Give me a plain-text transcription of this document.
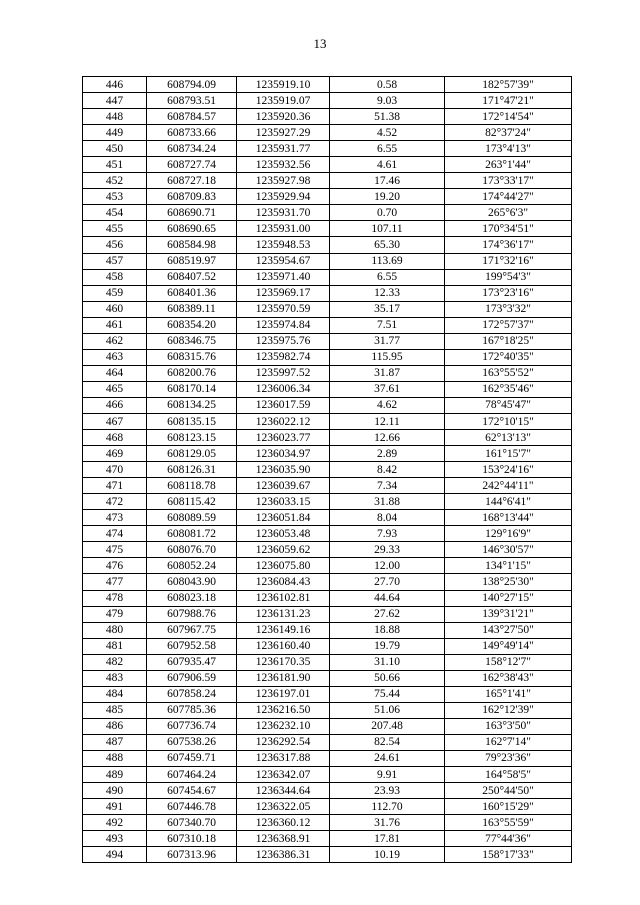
13
446	608794.09	1235919.10	0.58	182°57'39"
447	608793.51	1235919.07	9.03	171°47'21"
448	608784.57	1235920.36	51.38	172°14'54"
449	608733.66	1235927.29	4.52	82°37'24"
450	608734.24	1235931.77	6.55	173°4'13"
451	608727.74	1235932.56	4.61	263°1'44"
452	608727.18	1235927.98	17.46	173°33'17"
453	608709.83	1235929.94	19.20	174°44'27"
454	608690.71	1235931.70	0.70	265°6'3"
455	608690.65	1235931.00	107.11	170°34'51"
456	608584.98	1235948.53	65.30	174°36'17"
457	608519.97	1235954.67	113.69	171°32'16"
458	608407.52	1235971.40	6.55	199°54'3"
459	608401.36	1235969.17	12.33	173°23'16"
460	608389.11	1235970.59	35.17	173°3'32"
461	608354.20	1235974.84	7.51	172°57'37"
462	608346.75	1235975.76	31.77	167°18'25"
463	608315.76	1235982.74	115.95	172°40'35"
464	608200.76	1235997.52	31.87	163°55'52"
465	608170.14	1236006.34	37.61	162°35'46"
466	608134.25	1236017.59	4.62	78°45'47"
467	608135.15	1236022.12	12.11	172°10'15"
468	608123.15	1236023.77	12.66	62°13'13"
469	608129.05	1236034.97	2.89	161°15'7"
470	608126.31	1236035.90	8.42	153°24'16"
471	608118.78	1236039.67	7.34	242°44'11"
472	608115.42	1236033.15	31.88	144°6'41"
473	608089.59	1236051.84	8.04	168°13'44"
474	608081.72	1236053.48	7.93	129°16'9"
475	608076.70	1236059.62	29.33	146°30'57"
476	608052.24	1236075.80	12.00	134°1'15"
477	608043.90	1236084.43	27.70	138°25'30"
478	608023.18	1236102.81	44.64	140°27'15"
479	607988.76	1236131.23	27.62	139°31'21"
480	607967.75	1236149.16	18.88	143°27'50"
481	607952.58	1236160.40	19.79	149°49'14"
482	607935.47	1236170.35	31.10	158°12'7"
483	607906.59	1236181.90	50.66	162°38'43"
484	607858.24	1236197.01	75.44	165°1'41"
485	607785.36	1236216.50	51.06	162°12'39"
486	607736.74	1236232.10	207.48	163°3'50"
487	607538.26	1236292.54	82.54	162°7'14"
488	607459.71	1236317.88	24.61	79°23'36"
489	607464.24	1236342.07	9.91	164°58'5"
490	607454.67	1236344.64	23.93	250°44'50"
491	607446.78	1236322.05	112.70	160°15'29"
492	607340.70	1236360.12	31.76	163°55'59"
493	607310.18	1236368.91	17.81	77°44'36"
494	607313.96	1236386.31	10.19	158°17'33"
